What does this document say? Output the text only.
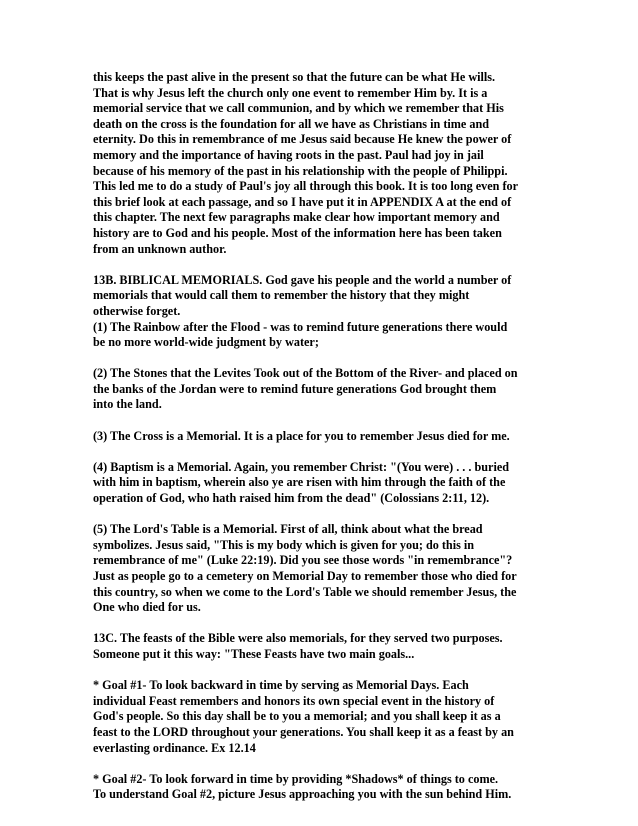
this keeps the past alive in the present so that the future can be what He wills.
That is why Jesus left the church only one event to remember Him by. It is a
memorial service that we call communion, and by which we remember that His
death on the cross is the foundation for all we have as Christians in time and
eternity. Do this in remembrance of me Jesus said because He knew the power of
memory and the importance of having roots in the past. Paul had joy in jail
because of his memory of the past in his relationship with the people of Philippi.
This led me to do a study of Paul's joy all through this book. It is too long even for
this brief look at each passage, and so I have put it in APPENDIX A at the end of
this chapter. The next few paragraphs make clear how important memory and
history are to God and his people. Most of the information here has been taken
from an unknown author.
13B. BIBLICAL MEMORIALS. God gave his people and the world a number of
memorials that would call them to remember the history that they might
otherwise forget.
(1) The Rainbow after the Flood - was to remind future generations there would
be no more world-wide judgment by water;
(2) The Stones that the Levites Took out of the Bottom of the River- and placed on
the banks of the Jordan were to remind future generations God brought them
into the land.
(3) The Cross is a Memorial. It is a place for you to remember Jesus died for me.
(4) Baptism is a Memorial. Again, you remember Christ: "(You were) . . . buried
with him in baptism, wherein also ye are risen with him through the faith of the
operation of God, who hath raised him from the dead" (Colossians 2:11, 12).
(5) The Lord's Table is a Memorial. First of all, think about what the bread
symbolizes. Jesus said, "This is my body which is given for you; do this in
remembrance of me" (Luke 22:19). Did you see those words "in remembrance"?
Just as people go to a cemetery on Memorial Day to remember those who died for
this country, so when we come to the Lord's Table we should remember Jesus, the
One who died for us.
13C. The feasts of the Bible were also memorials, for they served two purposes.
Someone put it this way: "These Feasts have two main goals...
* Goal #1- To look backward in time by serving as Memorial Days. Each
individual Feast remembers and honors its own special event in the history of
God's people. So this day shall be to you a memorial; and you shall keep it as a
feast to the LORD throughout your generations. You shall keep it as a feast by an
everlasting ordinance. Ex 12.14
* Goal #2- To look forward in time by providing *Shadows* of things to come.
To understand Goal #2, picture Jesus approaching you with the sun behind Him.
